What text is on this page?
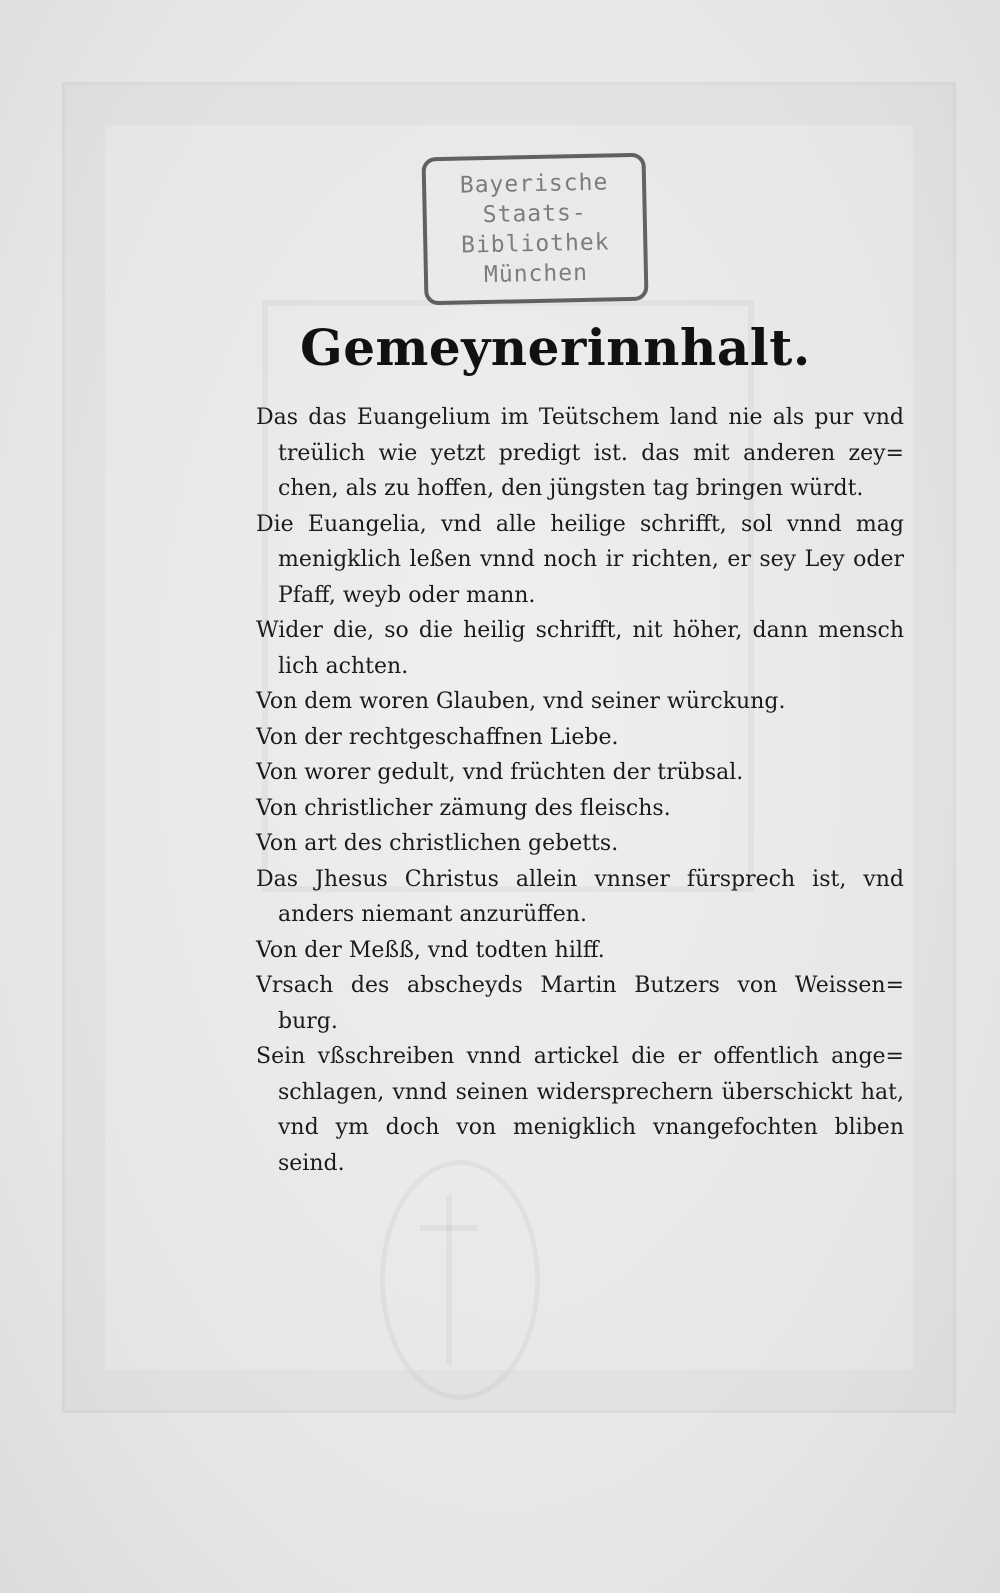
Bayerische
Staats-
Bibliothek
München
Gemeynerinnhalt.
Das das Euangelium im Teütschem land nie als pur vnd treülich wie yetzt predigt ist. das mit anderen zey= chen, als zu hoffen, den jüngsten tag bringen würdt.
Die Euangelia, vnd alle heilige schrifft, sol vnnd mag menigklich leßen vnnd noch ir richten, er sey Ley oder Pfaff, weyb oder mann.
Wider die, so die heilig schrifft, nit höher, dann mensch lich achten.
Von dem woren Glauben, vnd seiner würckung.
Von der rechtgeschaffnen Liebe.
Von worer gedult, vnd früchten der trübsal.
Von christlicher zämung des fleischs.
Von art des christlichen gebetts.
Das Jhesus Christus allein vnnser fürsprech ist, vnd anders niemant anzurüffen.
Von der Meßß, vnd todten hilff.
Vrsach des abscheyds Martin Butzers von Weissen= burg.
Sein vßschreiben vnnd artickel die er offentlich ange= schlagen, vnnd seinen widersprechern überschickt hat, vnd ym doch von menigklich vnangefochten bliben seind.
